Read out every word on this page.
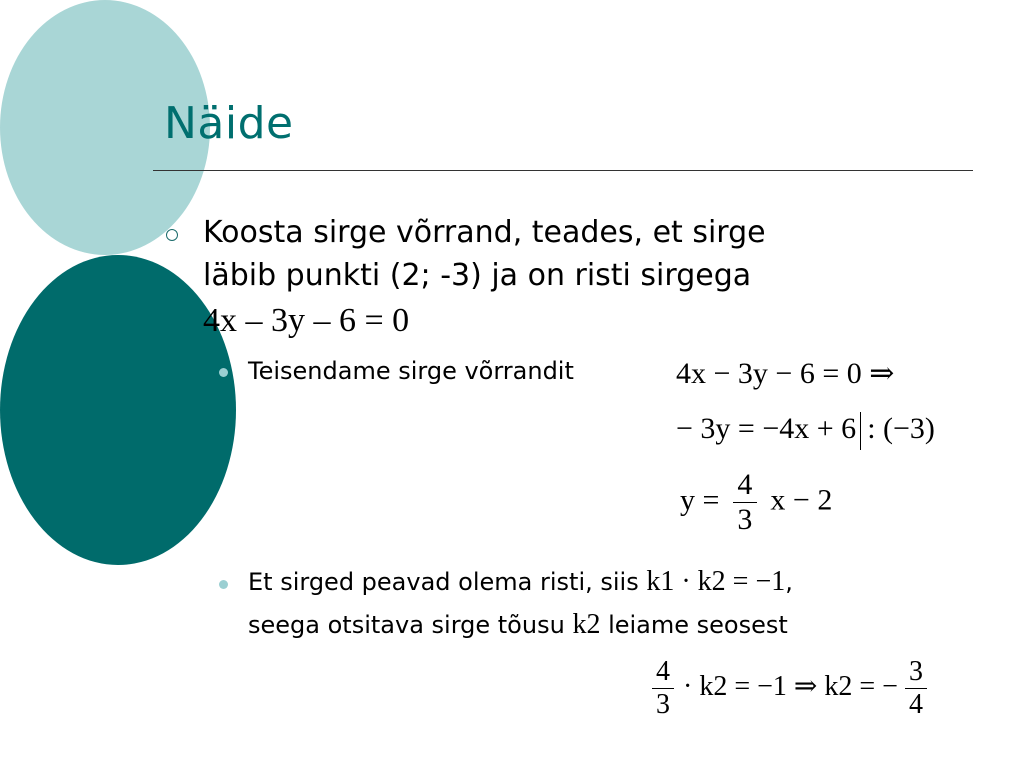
Näide
Koosta sirge võrrand, teades, et sirge
läbib punkti (2; -3) ja on risti sirgega
4x – 3y – 6 = 0
Teisendame sirge võrrandit	4x − 3y − 6 = 0 ⇒
− 3y = −4x + 6 : (−3)
$y = \frac{4}{3}$ x − 2
Et sirged peavad olema risti, siis k1 · k2 = −1,
seega otsitava sirge tõusu k2 leiame seosest
$\frac{4}{3} \cdot k2 = -1$ ⇒ k2 = − $\frac{3}{4}$
